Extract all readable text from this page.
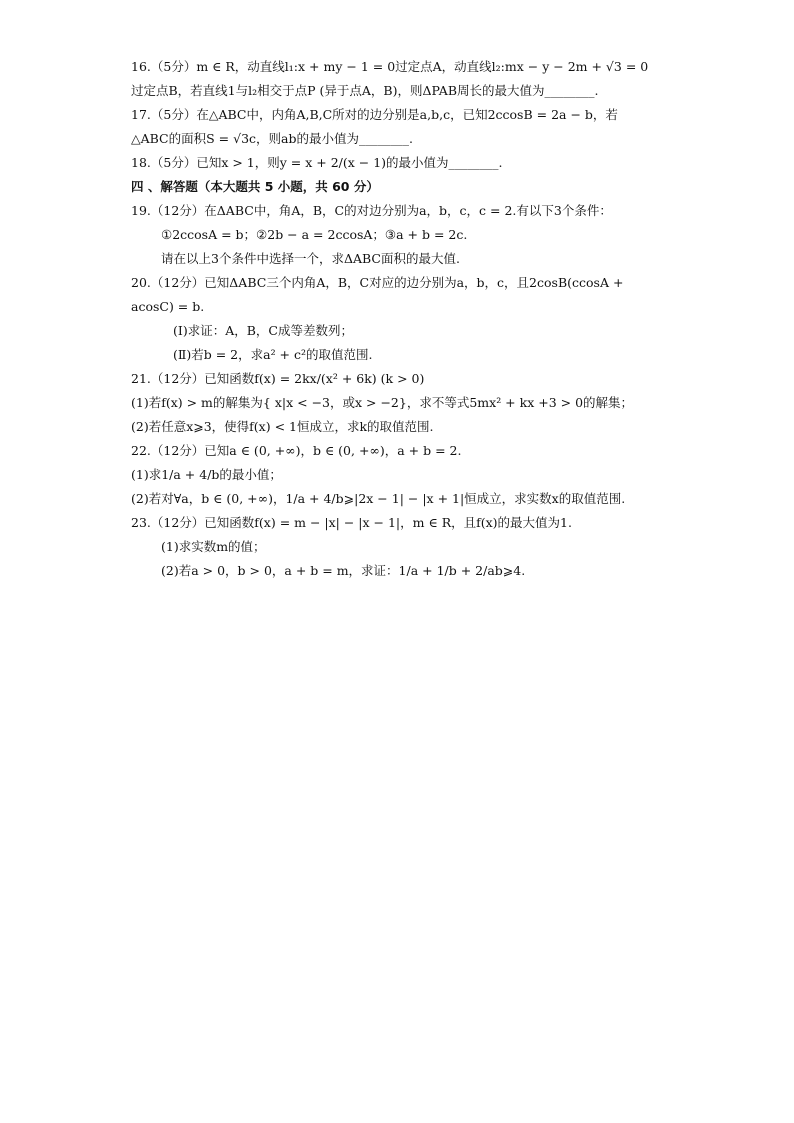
16.（5分）m ∈ R，动直线l₁:x + my − 1 = 0过定点A，动直线l₂:mx − y − 2m + √3 = 0
过定点B，若直线1与l₂相交于点P (异于点A，B)，则ΔPAB周长的最大值为________.
17.（5分）在△ABC中，内角A,B,C所对的边分别是a,b,c，已知2ccosB = 2a − b，若
△ABC的面积S = √3c，则ab的最小值为________.
18.（5分）已知x > 1，则y = x + 2/(x − 1)的最小值为________.
四 、解答题（本大题共 5 小题，共 60 分）
19.（12分）在ΔABC中，角A，B，C的对边分别为a，b，c，c = 2.有以下3个条件：
①2ccosA = b；②2b − a = 2ccosA；③a + b = 2c.
请在以上3个条件中选择一个，求ΔABC面积的最大值.
20.（12分）已知ΔABC三个内角A，B，C对应的边分别为a，b，c，且2cosB(ccosA +
acosC) = b.
(Ⅰ)求证：A，B，C成等差数列；
(Ⅱ)若b = 2，求a² + c²的取值范围.
21.（12分）已知函数f(x) = 2kx/(x² + 6k) (k > 0)
(1)若f(x) > m的解集为{ x|x < −3，或x > −2}，求不等式5mx² + kx +3 > 0的解集；
(2)若任意x⩾3，使得f(x) < 1恒成立，求k的取值范围.
22.（12分）已知a ∈ (0, +∞)，b ∈ (0, +∞)，a + b = 2.
(1)求1/a + 4/b的最小值；
(2)若对∀a，b ∈ (0, +∞)，1/a + 4/b⩾|2x − 1| − |x + 1|恒成立，求实数x的取值范围.
23.（12分）已知函数f(x) = m − |x| − |x − 1|，m ∈ R，且f(x)的最大值为1.
(1)求实数m的值；
(2)若a > 0，b > 0，a + b = m，求证：1/a + 1/b + 2/ab⩾4.
